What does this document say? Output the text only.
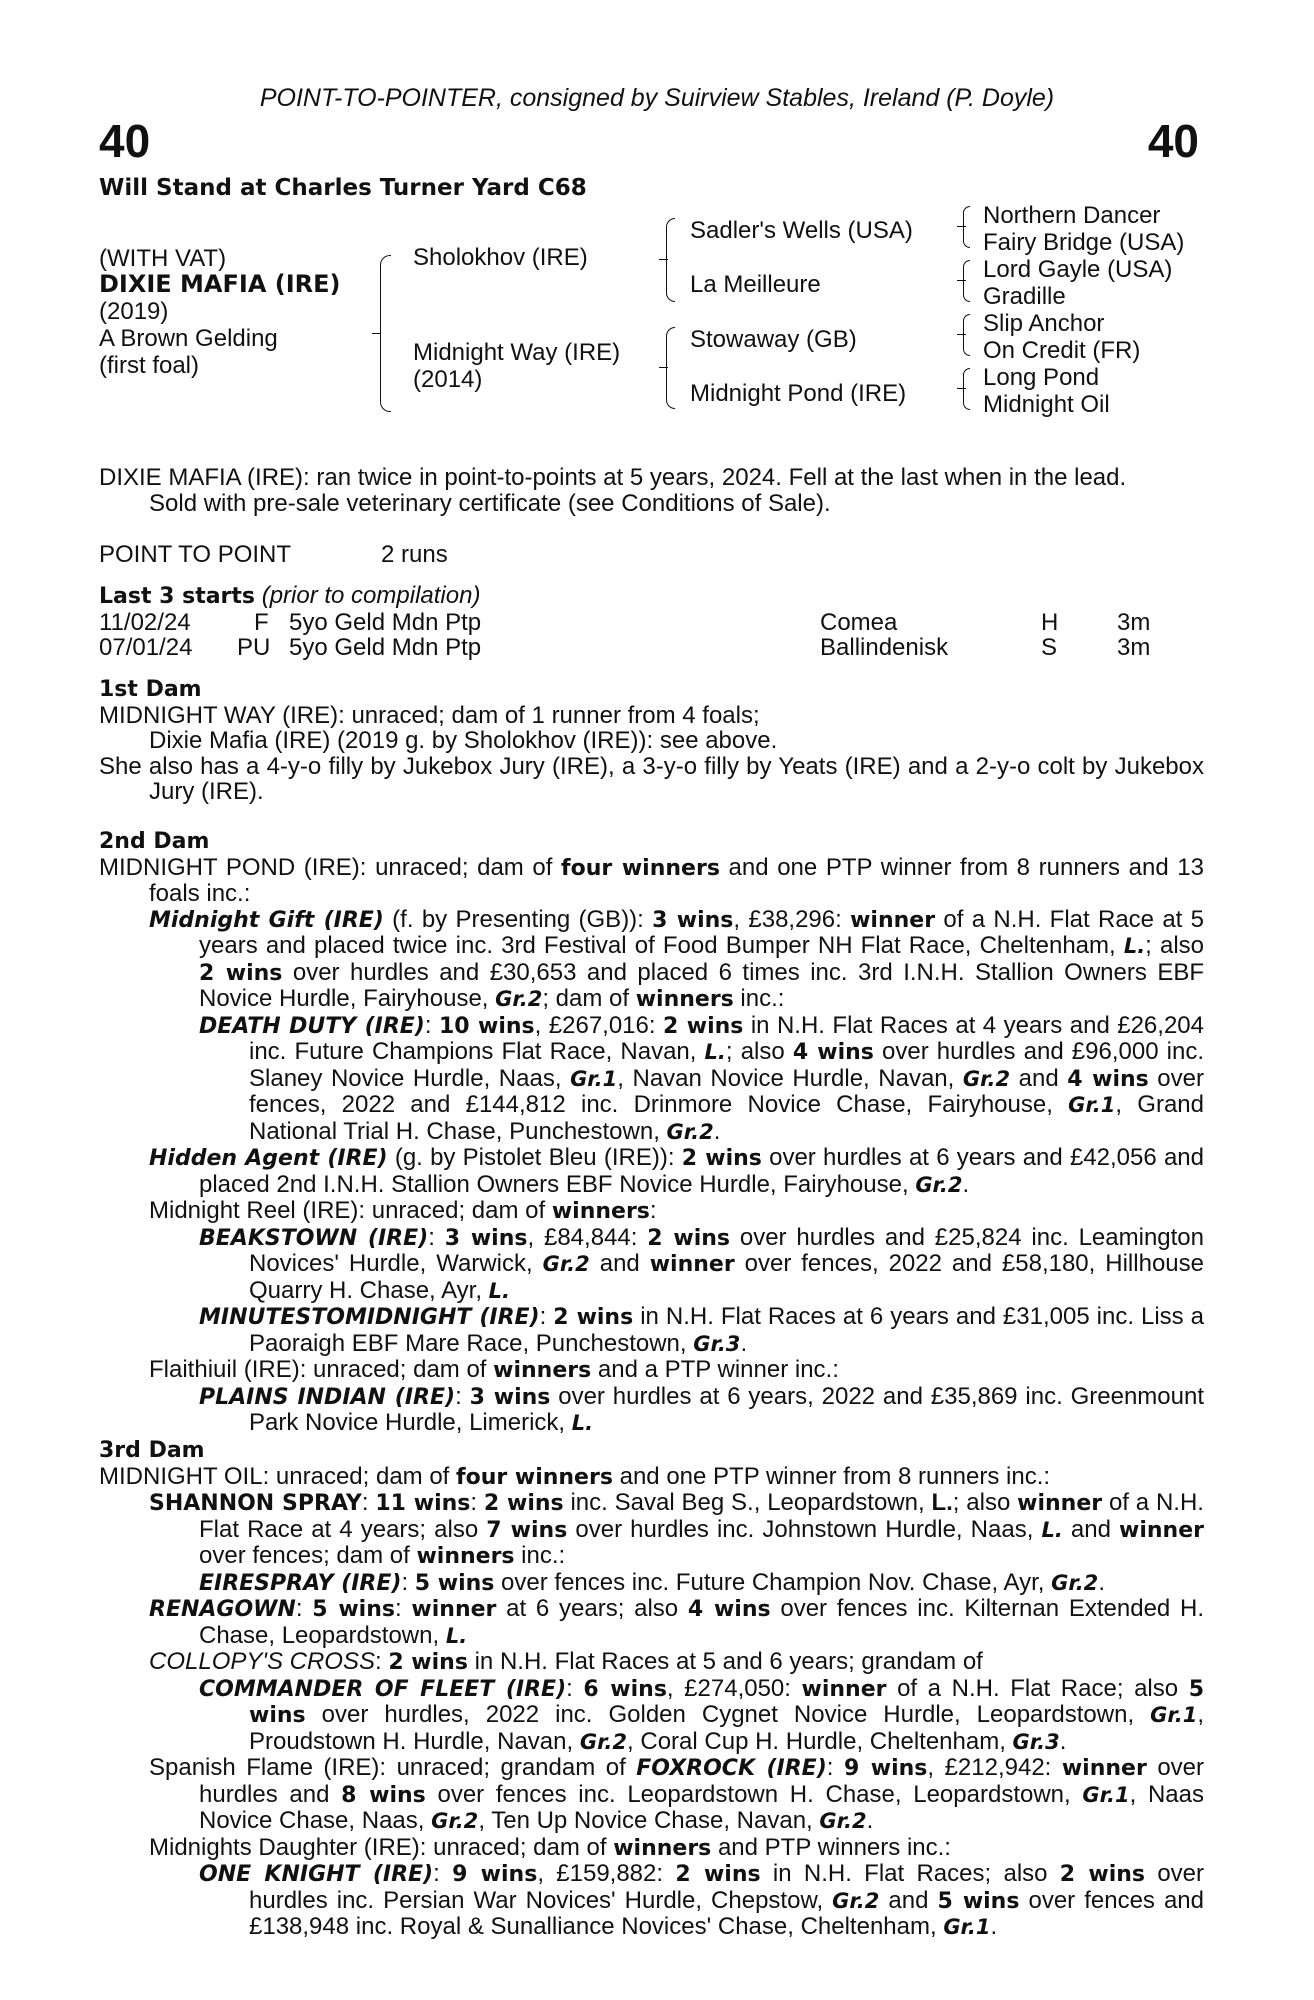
POINT-TO-POINTER, consigned by Suirview Stables, Ireland (P. Doyle)
40	40
Will Stand at Charles Turner Yard C68
(WITH VAT)
DIXIE MAFIA (IRE)
(2019)
A Brown Gelding
(first foal)
Sholokhov (IRE)
Midnight Way (IRE)
(2014)
Sadler's Wells (USA)
La Meilleure
Stowaway (GB)
Midnight Pond (IRE)
Northern Dancer
Fairy Bridge (USA)
Lord Gayle (USA)
Gradille
Slip Anchor
On Credit (FR)
Long Pond
Midnight Oil

DIXIE MAFIA (IRE): ran twice in point-to-points at 5 years, 2024. Fell at the last when in the lead.

Sold with pre-sale veterinary certificate (see Conditions of Sale).

POINT TO POINT	2 runs
Last 3 starts (prior to compilation)
11/02/24	F 5yo Geld Mdn Ptp	Comea	H 3m
07/01/24 PU 5yo Geld Mdn Ptp	Ballindenisk	S 3m
1st Dam

MIDNIGHT WAY (IRE): unraced; dam of 1 runner from 4 foals;

Dixie Mafia (IRE) (2019 g. by Sholokhov (IRE)): see above.

She also has a 4-y-o filly by Jukebox Jury (IRE), a 3-y-o filly by Yeats (IRE) and a 2-y-o colt by Jukebox Jury (IRE).

2nd Dam

MIDNIGHT POND (IRE): unraced; dam of four winners and one PTP winner from 8 runners and 13 foals inc.:

Midnight Gift (IRE) (f. by Presenting (GB)): 3 wins, £38,296: winner of a N.H. Flat Race at 5 years and placed twice inc. 3rd Festival of Food Bumper NH Flat Race, Cheltenham, L.; also 2 wins over hurdles and £30,653 and placed 6 times inc. 3rd I.N.H. Stallion Owners EBF Novice Hurdle, Fairyhouse, Gr.2; dam of winners inc.:

DEATH DUTY (IRE): 10 wins, £267,016: 2 wins in N.H. Flat Races at 4 years and £26,204 inc. Future Champions Flat Race, Navan, L.; also 4 wins over hurdles and £96,000 inc. Slaney Novice Hurdle, Naas, Gr.1, Navan Novice Hurdle, Navan, Gr.2 and 4 wins over fences, 2022 and £144,812 inc. Drinmore Novice Chase, Fairyhouse, Gr.1, Grand National Trial H. Chase, Punchestown, Gr.2.

Hidden Agent (IRE) (g. by Pistolet Bleu (IRE)): 2 wins over hurdles at 6 years and £42,056 and placed 2nd I.N.H. Stallion Owners EBF Novice Hurdle, Fairyhouse, Gr.2.

Midnight Reel (IRE): unraced; dam of winners:

BEAKSTOWN (IRE): 3 wins, £84,844: 2 wins over hurdles and £25,824 inc. Leamington Novices' Hurdle, Warwick, Gr.2 and winner over fences, 2022 and £58,180, Hillhouse Quarry H. Chase, Ayr, L.

MINUTESTOMIDNIGHT (IRE): 2 wins in N.H. Flat Races at 6 years and £31,005 inc. Liss a Paoraigh EBF Mare Race, Punchestown, Gr.3.

Flaithiuil (IRE): unraced; dam of winners and a PTP winner inc.:

PLAINS INDIAN (IRE): 3 wins over hurdles at 6 years, 2022 and £35,869 inc. Greenmount Park Novice Hurdle, Limerick, L.

3rd Dam

MIDNIGHT OIL: unraced; dam of four winners and one PTP winner from 8 runners inc.:

SHANNON SPRAY: 11 wins: 2 wins inc. Saval Beg S., Leopardstown, L.; also winner of a N.H. Flat Race at 4 years; also 7 wins over hurdles inc. Johnstown Hurdle, Naas, L. and winner over fences; dam of winners inc.:

EIRESPRAY (IRE): 5 wins over fences inc. Future Champion Nov. Chase, Ayr, Gr.2.

RENAGOWN: 5 wins: winner at 6 years; also 4 wins over fences inc. Kilternan Extended H. Chase, Leopardstown, L.

COLLOPY'S CROSS: 2 wins in N.H. Flat Races at 5 and 6 years; grandam of

COMMANDER OF FLEET (IRE): 6 wins, £274,050: winner of a N.H. Flat Race; also 5 wins over hurdles, 2022 inc. Golden Cygnet Novice Hurdle, Leopardstown, Gr.1, Proudstown H. Hurdle, Navan, Gr.2, Coral Cup H. Hurdle, Cheltenham, Gr.3.

Spanish Flame (IRE): unraced; grandam of FOXROCK (IRE): 9 wins, £212,942: winner over hurdles and 8 wins over fences inc. Leopardstown H. Chase, Leopardstown, Gr.1, Naas Novice Chase, Naas, Gr.2, Ten Up Novice Chase, Navan, Gr.2.

Midnights Daughter (IRE): unraced; dam of winners and PTP winners inc.:

ONE KNIGHT (IRE): 9 wins, £159,882: 2 wins in N.H. Flat Races; also 2 wins over hurdles inc. Persian War Novices' Hurdle, Chepstow, Gr.2 and 5 wins over fences and £138,948 inc. Royal & Sunalliance Novices' Chase, Cheltenham, Gr.1.
